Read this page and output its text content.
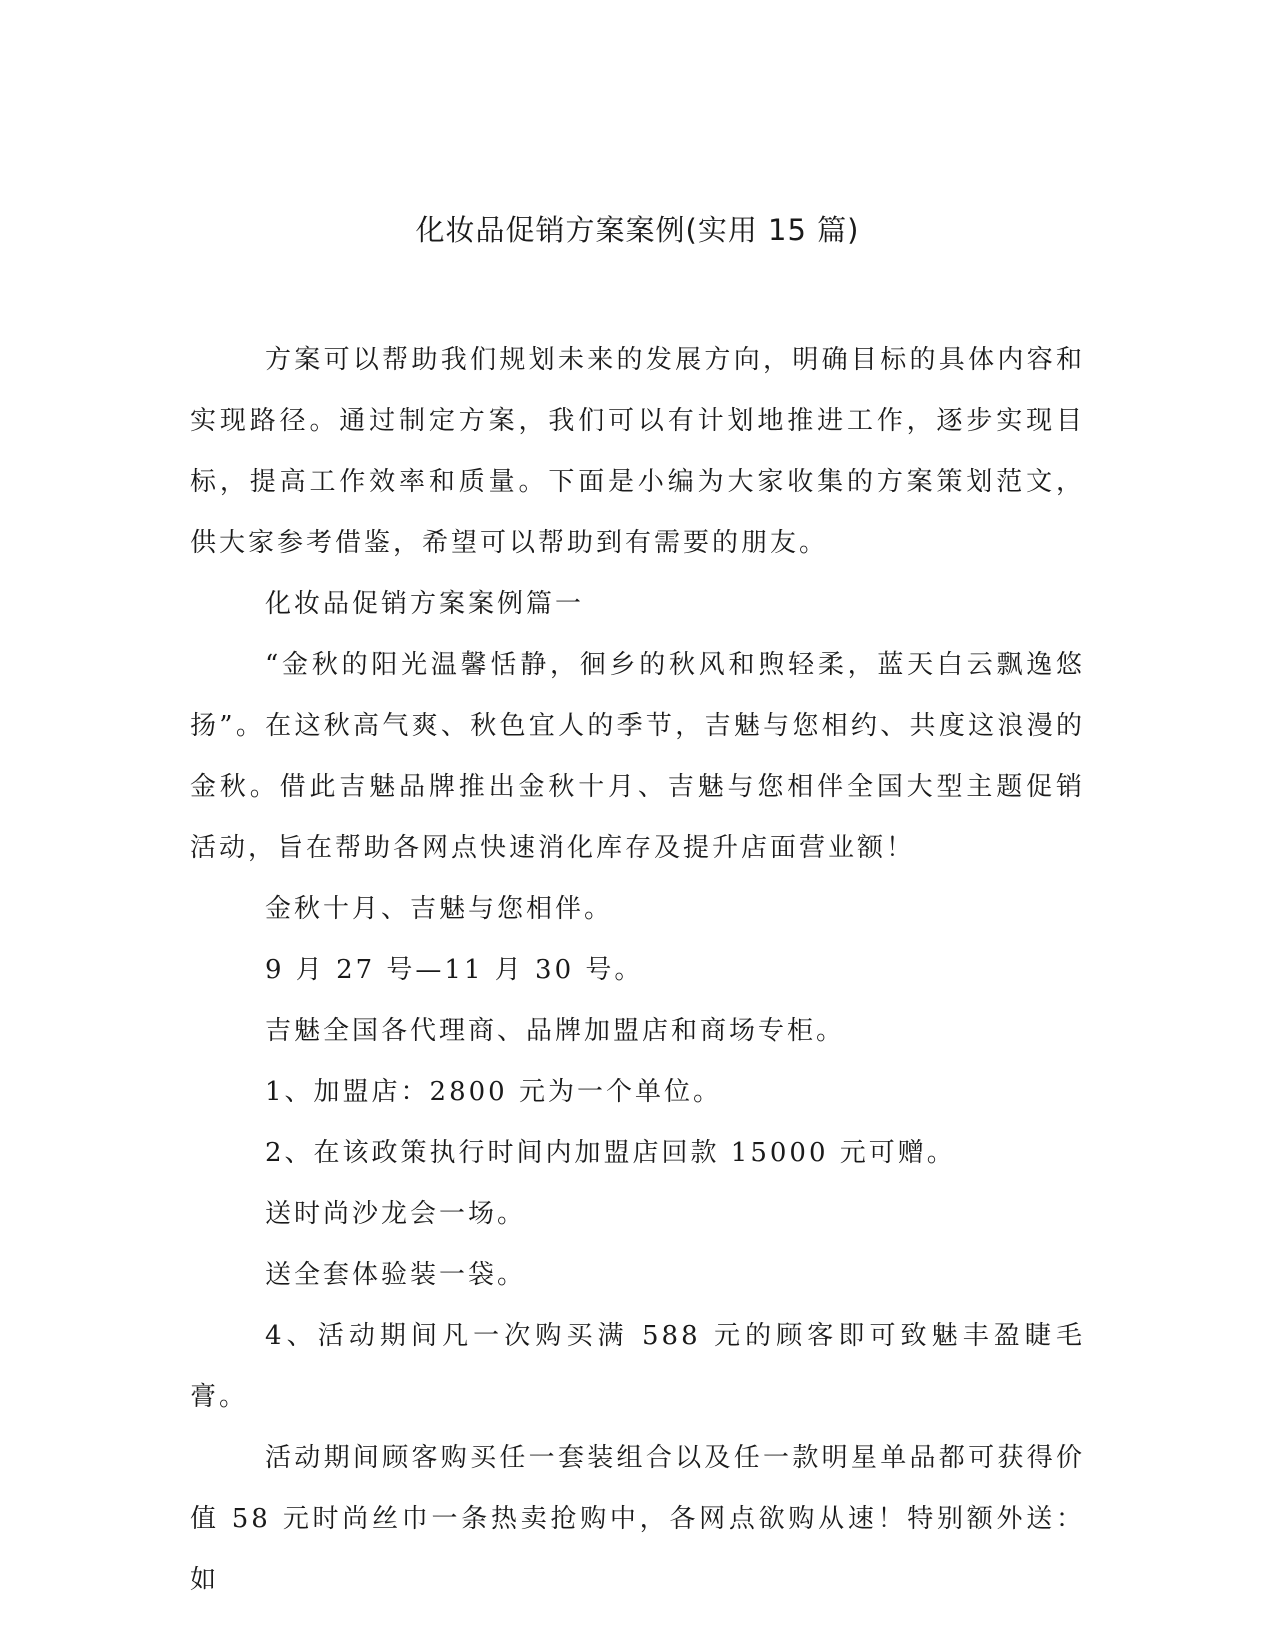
化妆品促销方案案例(实用 15 篇)

方案可以帮助我们规划未来的发展方向，明确目标的具体内容和实现路径。通过制定方案，我们可以有计划地推进工作，逐步实现目标，提高工作效率和质量。下面是小编为大家收集的方案策划范文，供大家参考借鉴，希望可以帮助到有需要的朋友。

化妆品促销方案案例篇一

“金秋的阳光温馨恬静，徊乡的秋风和煦轻柔，蓝天白云飘逸悠扬”。在这秋高气爽、秋色宜人的季节，吉魅与您相约、共度这浪漫的金秋。借此吉魅品牌推出金秋十月、吉魅与您相伴全国大型主题促销活动，旨在帮助各网点快速消化库存及提升店面营业额！

金秋十月、吉魅与您相伴。

9 月 27 号—11 月 30 号。

吉魅全国各代理商、品牌加盟店和商场专柜。

1、加盟店：2800 元为一个单位。

2、在该政策执行时间内加盟店回款 15000 元可赠。

送时尚沙龙会一场。

送全套体验装一袋。

4、活动期间凡一次购买满 588 元的顾客即可致魅丰盈睫毛膏。

活动期间顾客购买任一套装组合以及任一款明星单品都可获得价值 58 元时尚丝巾一条热卖抢购中，各网点欲购从速！特别额外送：如
